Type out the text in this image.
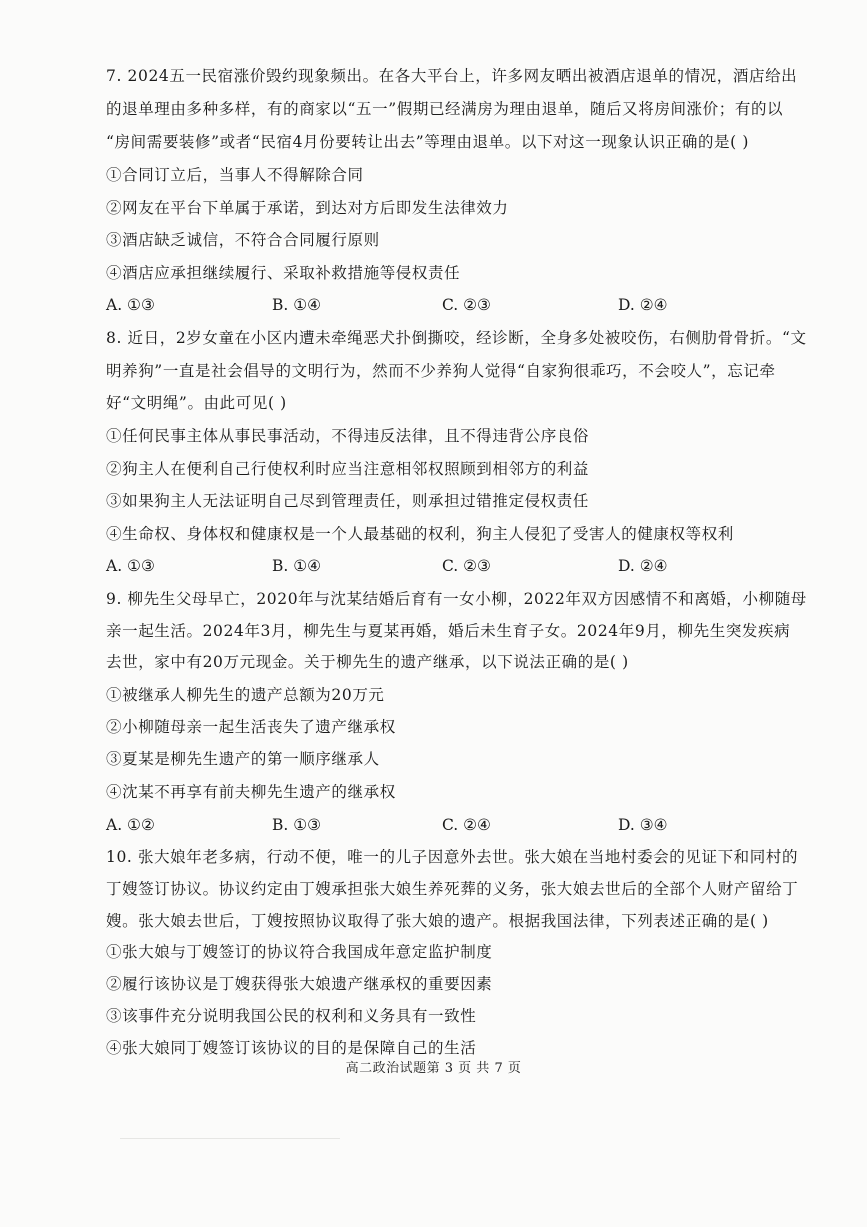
7. 2024五一民宿涨价毁约现象频出。在各大平台上，许多网友晒出被酒店退单的情况，酒店给出
的退单理由多种多样，有的商家以“五一”假期已经满房为理由退单，随后又将房间涨价；有的以
“房间需要装修”或者“民宿4月份要转让出去”等理由退单。以下对这一现象认识正确的是( )
①合同订立后，当事人不得解除合同
②网友在平台下单属于承诺，到达对方后即发生法律效力
③酒店缺乏诚信，不符合合同履行原则
④酒店应承担继续履行、采取补救措施等侵权责任
A. ①③	B. ①④	C. ②③	D. ②④
8. 近日，2岁女童在小区内遭未牵绳恶犬扑倒撕咬，经诊断，全身多处被咬伤，右侧肋骨骨折。“文
明养狗”一直是社会倡导的文明行为，然而不少养狗人觉得“自家狗很乖巧，不会咬人”，忘记牵
好“文明绳”。由此可见( )
①任何民事主体从事民事活动，不得违反法律，且不得违背公序良俗
②狗主人在便利自己行使权利时应当注意相邻权照顾到相邻方的利益
③如果狗主人无法证明自己尽到管理责任，则承担过错推定侵权责任
④生命权、身体权和健康权是一个人最基础的权利，狗主人侵犯了受害人的健康权等权利
A. ①③	B. ①④	C. ②③	D. ②④
9. 柳先生父母早亡，2020年与沈某结婚后育有一女小柳，2022年双方因感情不和离婚，小柳随母
亲一起生活。2024年3月，柳先生与夏某再婚，婚后未生育子女。2024年9月，柳先生突发疾病
去世，家中有20万元现金。关于柳先生的遗产继承，以下说法正确的是( )
①被继承人柳先生的遗产总额为20万元
②小柳随母亲一起生活丧失了遗产继承权
③夏某是柳先生遗产的第一顺序继承人
④沈某不再享有前夫柳先生遗产的继承权
A. ①②	B. ①③	C. ②④	D. ③④
10. 张大娘年老多病，行动不便，唯一的儿子因意外去世。张大娘在当地村委会的见证下和同村的
丁嫂签订协议。协议约定由丁嫂承担张大娘生养死葬的义务，张大娘去世后的全部个人财产留给丁
嫂。张大娘去世后，丁嫂按照协议取得了张大娘的遗产。根据我国法律，下列表述正确的是( )
①张大娘与丁嫂签订的协议符合我国成年意定监护制度
②履行该协议是丁嫂获得张大娘遗产继承权的重要因素
③该事件充分说明我国公民的权利和义务具有一致性
④张大娘同丁嫂签订该协议的目的是保障自己的生活
高二政治试题第 3 页 共 7 页
